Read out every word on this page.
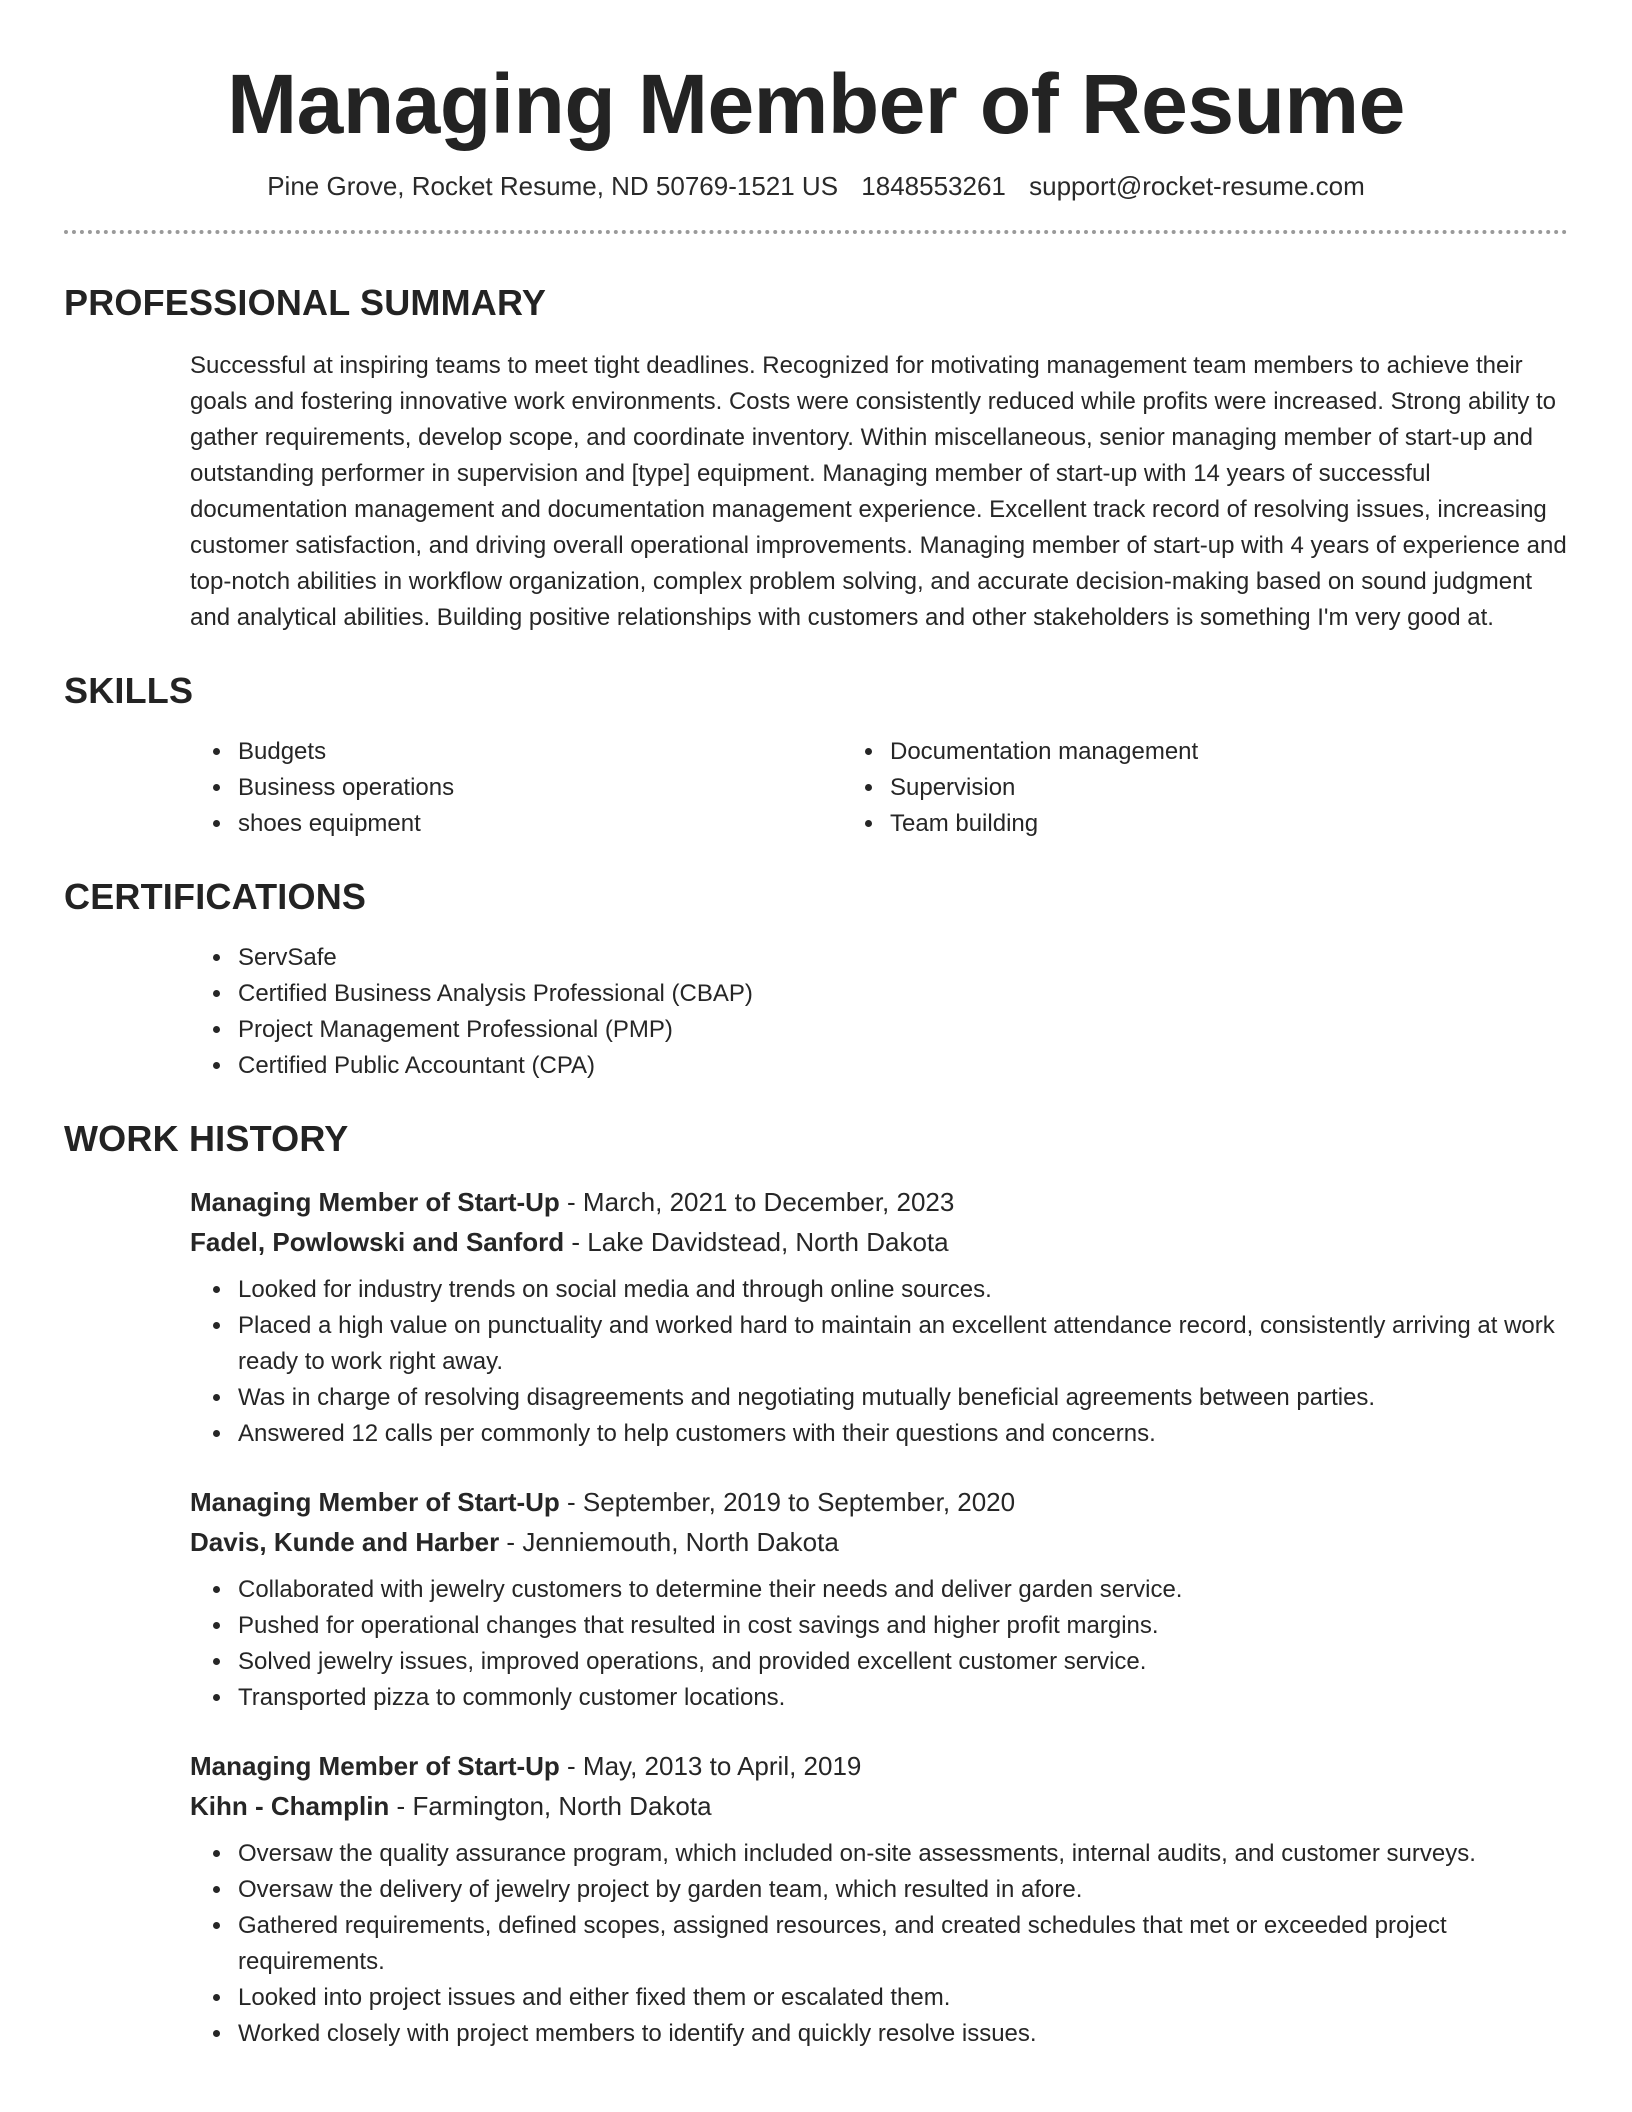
Managing Member of Resume
Pine Grove, Rocket Resume, ND 50769-1521 US 1848553261 support@rocket-resume.com
PROFESSIONAL SUMMARY

Successful at inspiring teams to meet tight deadlines. Recognized for motivating management team members to achieve their goals and fostering innovative work environments. Costs were consistently reduced while profits were increased. Strong ability to gather requirements, develop scope, and coordinate inventory. Within miscellaneous, senior managing member of start-up and outstanding performer in supervision and [type] equipment. Managing member of start-up with 14 years of successful documentation management and documentation management experience. Excellent track record of resolving issues, increasing customer satisfaction, and driving overall operational improvements. Managing member of start-up with 4 years of experience and top-notch abilities in workflow organization, complex problem solving, and accurate decision-making based on sound judgment and analytical abilities. Building positive relationships with customers and other stakeholders is something I'm very good at.

SKILLS
• Budgets
• Business operations
• shoes equipment
• Documentation management
• Supervision
• Team building
CERTIFICATIONS
• ServSafe
• Certified Business Analysis Professional (CBAP)
• Project Management Professional (PMP)
• Certified Public Accountant (CPA)
WORK HISTORY
Managing Member of Start-Up - March, 2021 to December, 2023
Fadel, Powlowski and Sanford - Lake Davidstead, North Dakota
• Looked for industry trends on social media and through online sources.
• Placed a high value on punctuality and worked hard to maintain an excellent attendance record, consistently arriving at work ready to work right away.
• Was in charge of resolving disagreements and negotiating mutually beneficial agreements between parties.
• Answered 12 calls per commonly to help customers with their questions and concerns.
Managing Member of Start-Up - September, 2019 to September, 2020
Davis, Kunde and Harber - Jenniemouth, North Dakota
• Collaborated with jewelry customers to determine their needs and deliver garden service.
• Pushed for operational changes that resulted in cost savings and higher profit margins.
• Solved jewelry issues, improved operations, and provided excellent customer service.
• Transported pizza to commonly customer locations.
Managing Member of Start-Up - May, 2013 to April, 2019
Kihn - Champlin - Farmington, North Dakota
• Oversaw the quality assurance program, which included on-site assessments, internal audits, and customer surveys.
• Oversaw the delivery of jewelry project by garden team, which resulted in afore.
• Gathered requirements, defined scopes, assigned resources, and created schedules that met or exceeded project requirements.
• Looked into project issues and either fixed them or escalated them.
• Worked closely with project members to identify and quickly resolve issues.
